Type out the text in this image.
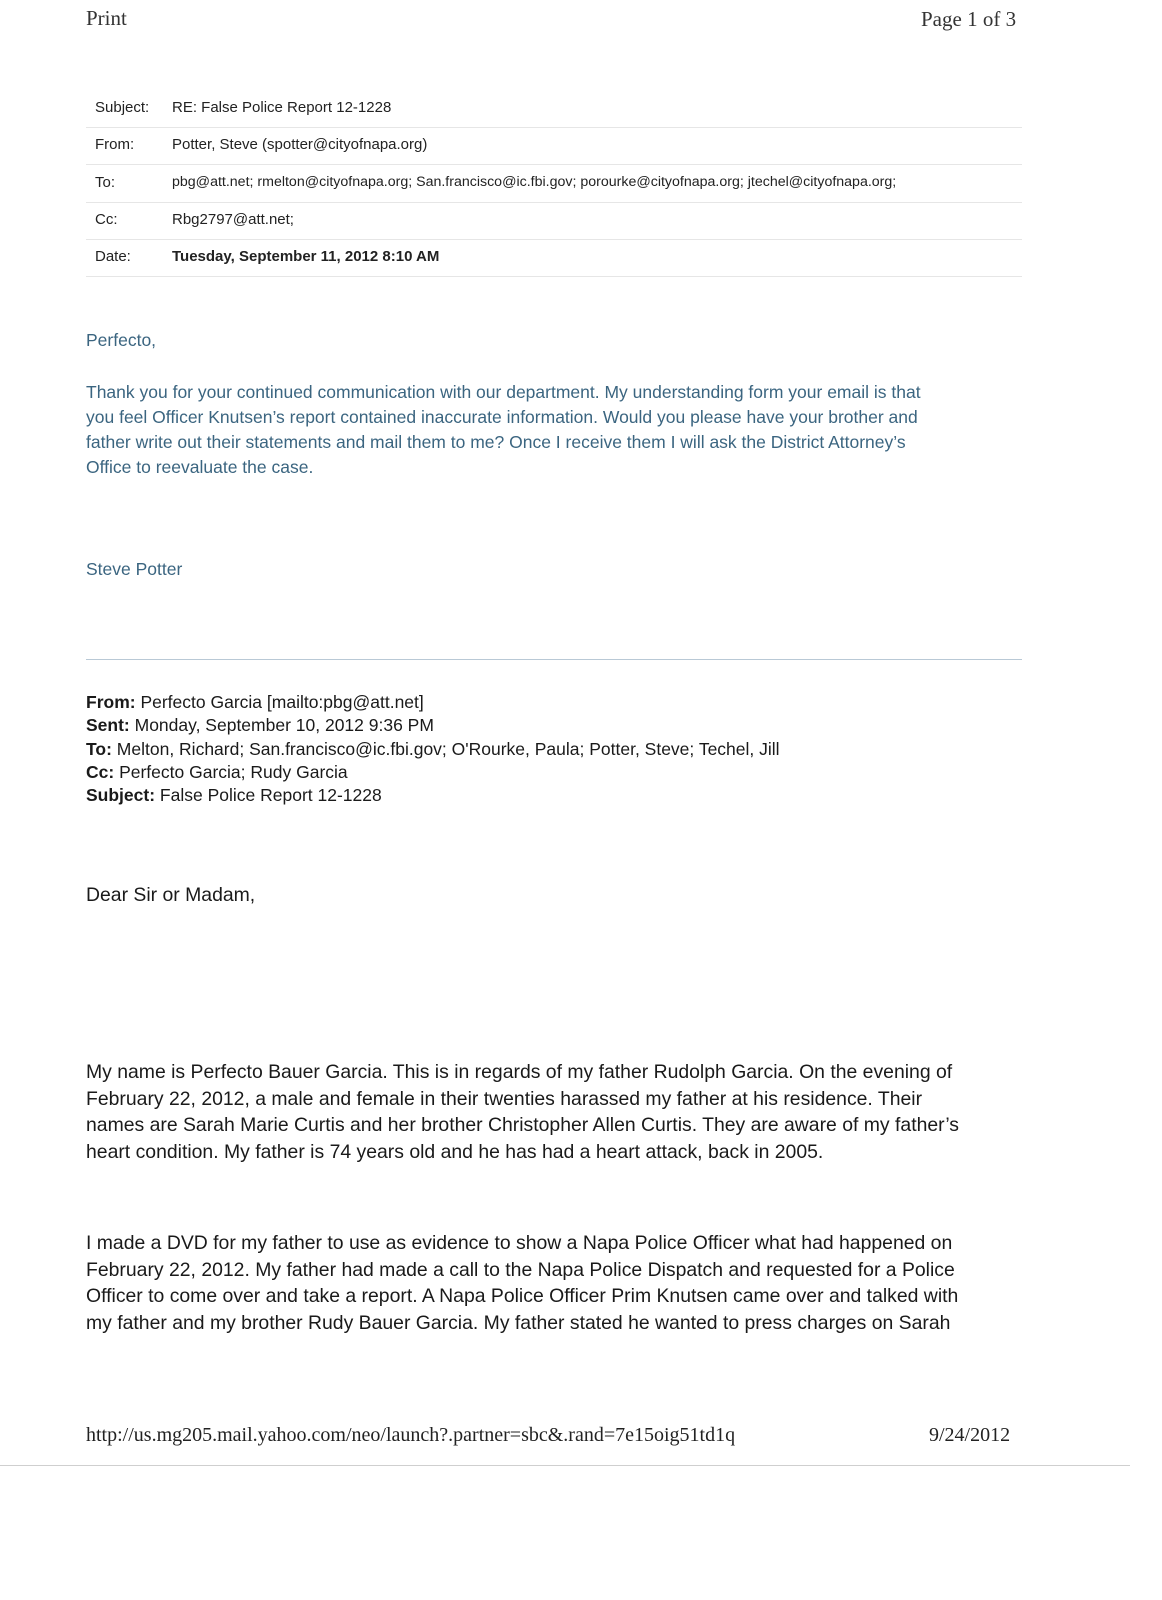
Print	Page 1 of 3
Subject: RE: False Police Report 12-1228
From:	Potter, Steve (spotter@cityofnapa.org)
To:	pbg@att.net; rmelton@cityofnapa.org; San.francisco@ic.fbi.gov; porourke@cityofnapa.org; jtechel@cityofnapa.org;
Cc:	Rbg2797@att.net;
Date:	Tuesday, September 11, 2012 8:10 AM
Perfecto,
Thank you for your continued communication with our department. My understanding form your email is that
you feel Officer Knutsen’s report contained inaccurate information. Would you please have your brother and
father write out their statements and mail them to me? Once I receive them I will ask the District Attorney’s
Office to reevaluate the case.
Steve Potter
From: Perfecto Garcia [mailto:pbg@att.net]
Sent: Monday, September 10, 2012 9:36 PM
To: Melton, Richard; San.francisco@ic.fbi.gov; O'Rourke, Paula; Potter, Steve; Techel, Jill
Cc: Perfecto Garcia; Rudy Garcia
Subject: False Police Report 12-1228
Dear Sir or Madam,
My name is Perfecto Bauer Garcia. This is in regards of my father Rudolph Garcia. On the evening of
February 22, 2012, a male and female in their twenties harassed my father at his residence. Their
names are Sarah Marie Curtis and her brother Christopher Allen Curtis. They are aware of my father’s
heart condition. My father is 74 years old and he has had a heart attack, back in 2005.
I made a DVD for my father to use as evidence to show a Napa Police Officer what had happened on
February 22, 2012. My father had made a call to the Napa Police Dispatch and requested for a Police
Officer to come over and take a report. A Napa Police Officer Prim Knutsen came over and talked with
my father and my brother Rudy Bauer Garcia. My father stated he wanted to press charges on Sarah
http://us.mg205.mail.yahoo.com/neo/launch?.partner=sbc&.rand=7e15oig51td1q	9/24/2012
